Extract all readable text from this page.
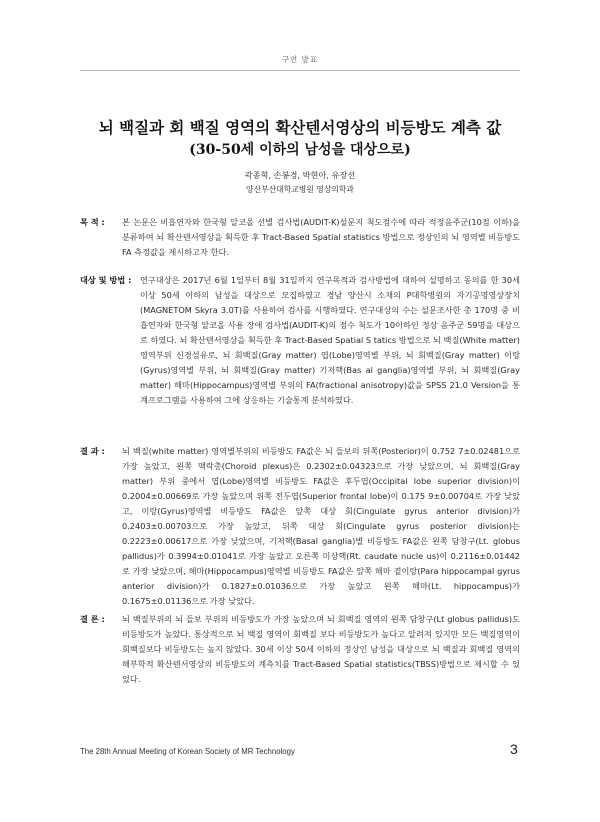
구연 발표
뇌 백질과 회 백질 영역의 확산텐서영상의 비등방도 계측 값
(30-50세 이하의 남성을 대상으로)
곽종혁, 손봉경, 박현아, 유장선
양산부산대학교병원 영상의학과
목 적 :	본 논문은 비흡연자와 한국형 알코올 선별 검사법(AUDIT-K)설문지 척도점수에 따라 적정음주군(10점 이하)을 분류하여 뇌 확산텐서영상을 획득한 후 Tract-Based Spatial statistics 방법으로 정상인의 뇌 영역별 비등방도 FA 측정값을 제시하고자 한다.
대상 및 방법 : 연구대상은 2017년 6월 1일부터 8월 31일까지 연구목적과 검사방법에 대하여 설명하고 동의를 한 30세 이상 50세 이하의 남성을 대상으로 모집하였고 경남 양산시 소재의 P대학병원의 자기공명영상장치 (MAGNETOM Skyra 3.0T)를 사용하여 검사를 시행하였다. 연구대상의 수는 설문조사한 총 170명 중 비흡연자와 한국형 알코올 사용 장애 검사법(AUDIT-K)의 점수 척도가 10이하인 정상 음주군 59명을 대상으로 하였다. 뇌 확산텐서영상을 획득한 후 Tract-Based Spatial S tatics 방법으로 뇌 백질(White matter)영역부위 신경섬유로, 뇌 회백질(Gray matter) 엽(Lobe)영역별 부위, 뇌 회백질(Gray matter) 이랑(Gyrus)영역별 부위, 뇌 회백질(Gray matter) 기저핵(Bas al ganglia)영역별 부위, 뇌 회백질(Gray matter) 해마(Hippocampus)영역별 부위의 FA(fractional anisotropy)값을 SPSS 21.0 Version을 통계프로그램을 사용하여 그에 상응하는 기술통계 분석하였다.
결 과 :	뇌 백질(white matter) 영역별부위의 비등방도 FA값은 뇌 들보의 뒤쪽(Posterior)이 0.752 7±0.02481으로 가장 높았고, 왼쪽 맥락총(Choroid plexus)은 0.2302±0.04323으로 가장 낮았으며, 뇌 회백질(Gray matter) 부위 중에서 엽(Lobe)영역별 비등방도 FA값은 후두엽(Occipital lobe superior division)이 0.2004±0.00669로 가장 높았으며 위쪽 전두엽(Superior frontal lobe)이 0.175 9±0.00704로 가장 낮았고, 이랑(Gyrus)영역별 비등방도 FA값은 앞쪽 대상 회(Cingulate gyrus anterior division)가 0.2403±0.00703으로 가장 높았고, 뒤쪽 대상 회(Cingulate gyrus posterior division)는 0.2223±0.00617으로 가장 낮았으며, 기저핵(Basal ganglia)별 비등방도 FA값은 왼쪽 담창구(Lt. globus pallidus)가 0.3994±0.01041로 가장 높았고 오른쪽 미상핵(Rt. caudate nucle us)이 0.2116±0.01442로 가장 낮았으며, 해마(Hippocampus)영역별 비등방도 FA값은 앞쪽 해마 곁이랑(Para hippocampal gyrus anterior division)가 0.1827±0.01036으로 가장 높았고 왼쪽 해마(Lt. hippocampus)가 0.1675±0.01136으로 가장 낮았다.
결 론 :	뇌 백질부위의 뇌 들보 부위의 비등방도가 가장 높았으며 뇌 회백질 영역의 왼쪽 담창구(Lt globus pallidus)도 비등방도가 높았다. 통상적으로 뇌 백질 영역이 회백질 보다 비등방도가 높다고 알려져 있지만 모든 백질영역이 회백질보다 비등방도는 높지 않았다. 30세 이상 50세 이하의 정상인 남성을 대상으로 뇌 백질과 회백질 영역의 해부학적 확산텐서영상의 비등방도의 계측치를 Tract-Based Spatial statistics(TBSS)방법으로 제시할 수 있었다.
The 28th Annual Meeting of Korean Society of MR Technology	3
